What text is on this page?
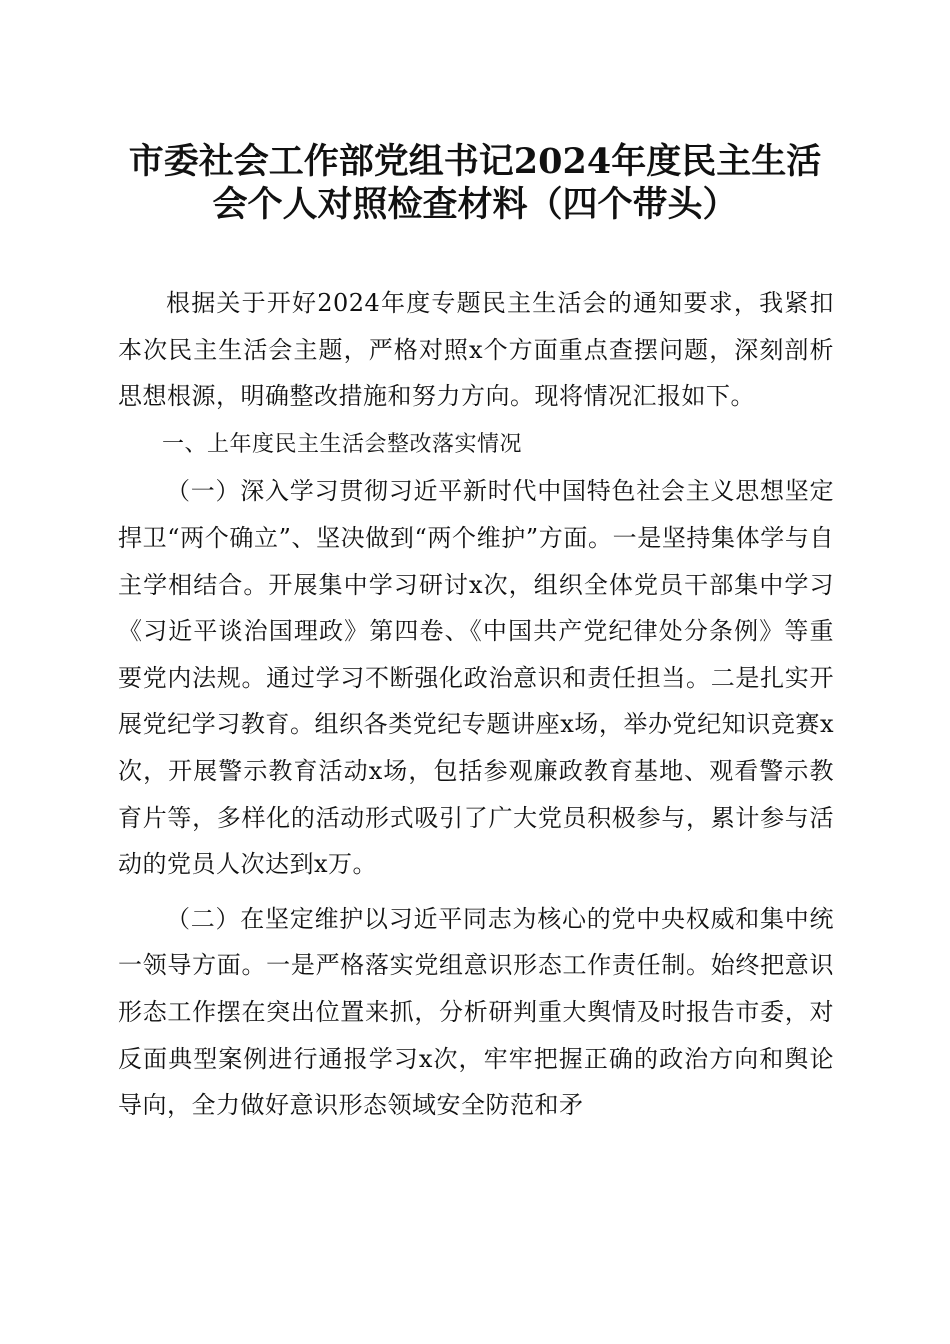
市委社会工作部党组书记2024年度民主生活
会个人对照检查材料（四个带头）

根据关于开好2024年度专题民主生活会的通知要求，我紧扣本次民主生活会主题，严格对照x个方面重点查摆问题，深刻剖析思想根源，明确整改措施和努力方向。现将情况汇报如下。

一、上年度民主生活会整改落实情况

（一）深入学习贯彻习近平新时代中国特色社会主义思想坚定捍卫“两个确立”、坚决做到“两个维护”方面。一是坚持集体学与自主学相结合。开展集中学习研讨x次，组织全体党员干部集中学习《习近平谈治国理政》第四卷、《中国共产党纪律处分条例》等重要党内法规。通过学习不断强化政治意识和责任担当。二是扎实开展党纪学习教育。组织各类党纪专题讲座x场，举办党纪知识竞赛x次，开展警示教育活动x场，包括参观廉政教育基地、观看警示教育片等，多样化的活动形式吸引了广大党员积极参与，累计参与活动的党员人次达到x万。

（二）在坚定维护以习近平同志为核心的党中央权威和集中统一领导方面。一是严格落实党组意识形态工作责任制。始终把意识形态工作摆在突出位置来抓，分析研判重大舆情及时报告市委，对反面典型案例进行通报学习x次，牢牢把握正确的政治方向和舆论导向，全力做好意识形态领域安全防范和矛
